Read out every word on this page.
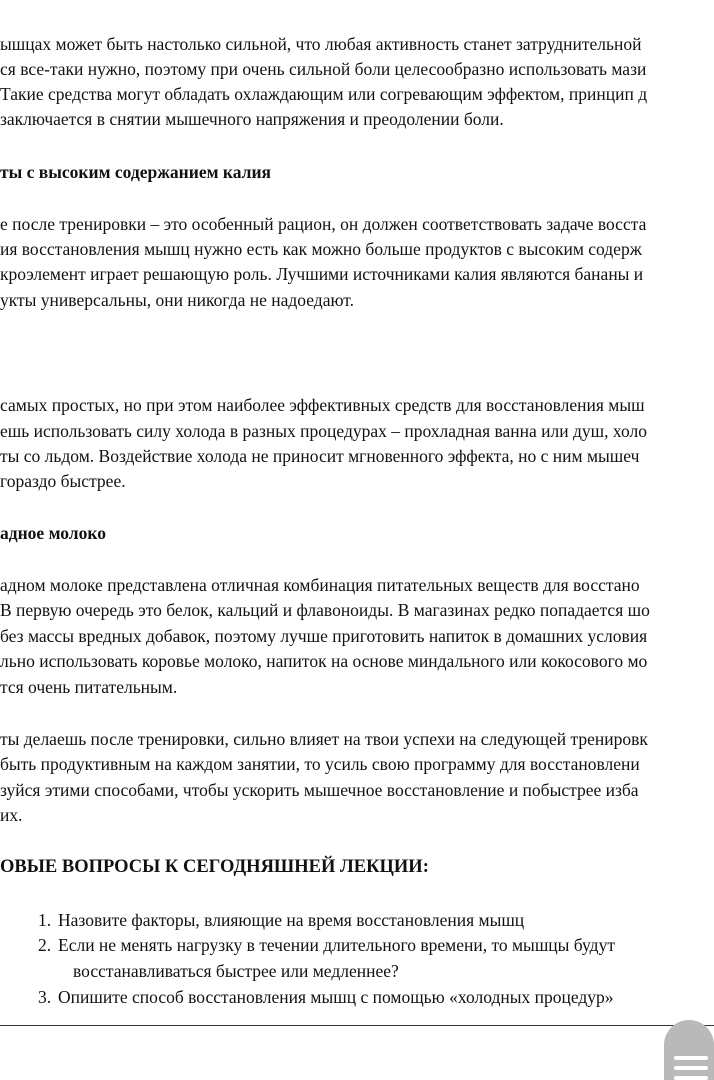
ышцах может быть настолько сильной, что любая активность станет затруднительной

ся все-таки нужно, поэтому при очень сильной боли целесообразно использовать мази

Такие средства могут обладать охлаждающим или согревающим эффектом, принцип д

заключается в снятии мышечного напряжения и преодолении боли.

ты с высоким содержанием калия

е после тренировки – это особенный рацион, он должен соответствовать задаче восста

ия восстановления мышц нужно есть как можно больше продуктов с высоким содерж

кроэлемент играет решающую роль. Лучшими источниками калия являются бананы и

укты универсальны, они никогда не надоедают.

самых простых, но при этом наиболее эффективных средств для восстановления мыш

ешь использовать силу холода в разных процедурах – прохладная ванна или душ, холо

ты со льдом. Воздействие холода не приносит мгновенного эффекта, но с ним мышеч

гораздо быстрее.

адное молоко

адном молоке представлена отличная комбинация питательных веществ для восстано

В первую очередь это белок, кальций и флавоноиды. В магазинах редко попадается шо

без массы вредных добавок, поэтому лучше приготовить напиток в домашних условия

льно использовать коровье молоко, напиток на основе миндального или кокосового мо

тся очень питательным.

ты делаешь после тренировки, сильно влияет на твои успехи на следующей тренировк

быть продуктивным на каждом занятии, то усиль свою программу для восстановлени

зуйся этими способами, чтобы ускорить мышечное восстановление и побыстрее изба

их.

ОВЫЕ ВОПРОСЫ К СЕГОДНЯШНЕЙ ЛЕКЦИИ:

1. Назовите факторы, влияющие на время восстановления мышц

2. Если не менять нагрузку в течении длительного времени, то мышцы будут

восстанавливаться быстрее или медленнее?

3. Опишите способ восстановления мышц с помощью «холодных процедур»
